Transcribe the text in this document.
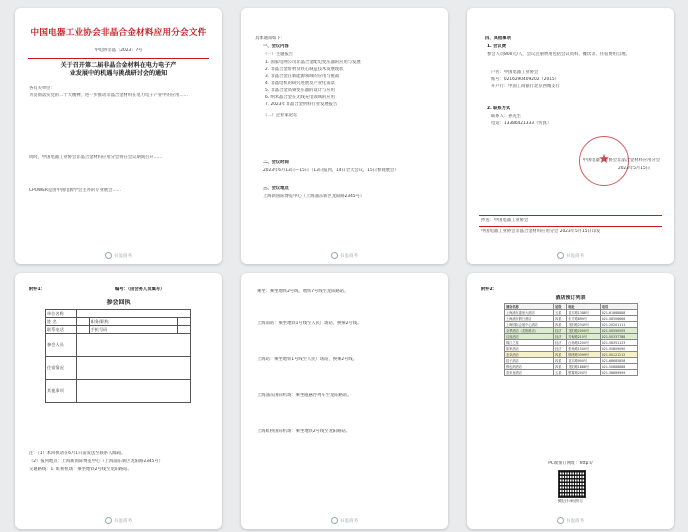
中国电器工业协会非晶合金材料应用分会文件
中电协非晶〔2023〕7号
关于召开第二届非晶合金材料在电力电子产
业发展中的机遇与挑战研讨会的通知
各有关单位：
为贯彻落实党的二十大精神，进一步推动非晶合金材料在电力电子产业中的应用……
同时，中国电器工业协会非晶合金材料应用分会将在会议期间召开……
CPOWER是由中国电源学会主办的专业展会……
书盈商务
具体通知如下：
一、会议内容
（一）主题报告
1. 国家电网公司非晶合金配电变压器的应用与发展
2. 非晶合金带材及铁心制造技术发展现状
3. 非晶合金在新能源领域的应用与挑战
4. 非晶电机的研究进展及产业化前景
5. 非晶合金高频变压器的设计与应用
6. 纳米晶合金在无线充电领域的应用
7. 2023年非晶合金材料行业发展报告
（二）企业家论坛
二、会议时间
2023年6月13日—15日（13日报到，14日全天会议，15日参观展会）
三、会议地点
上海新国际博览中心（上海浦东新区龙阳路2345号）
书盈商务
四、其他事项
1. 会议费
参会人员800元/人，会议注册费用包括会议资料、餐饮等，住宿费用自理。
户名：中国电器工业协会
账号：0216290409202（2015）
开户行：中国工商银行北京西城支行
2. 联系方式
联系人：孙先生
电话：13386421333（传真）
★
中国电器工业协会非晶合金材料应用分会
2023年5月15日
抄送：中国电器工业协会
中国电器工业协会非晶合金材料应用分会 2023年5月15日印发
书盈商务
附件1：	编号：（由会务人员填写）
参会回执
单位名称			
姓 名		职务/职称	
联系电话		手机号码	
参会人员			
住宿情况			
其他事项			
注：（1）本回执请在6月1日前发送至联系人邮箱。
（2）报到地点：上海新国际博览中心（上海浦东新区龙阳路2345号）
交通路线：1. 虹桥机场：乘坐地铁2号线至龙阳路站。
书盈商务
乘坐：乘坐地铁2号线、地铁7号线至龙阳路站。
上海南站：乘坐地铁1号线至人民广场站，换乘2号线。
上海站：乘坐地铁1号线至人民广场站，换乘2号线。
上海浦东国际机场：乘坐磁悬浮列车至龙阳路站。
上海虹桥国际机场：乘坐地铁2号线至龙阳路站。
书盈商务
附件2：
酒店预订列表
酒店名称	星级	地址	电话
上海浦东嘉里大酒店	五星	花木路1388号	021-61888888
上海浦东假日酒店	四星	东方路899号	021-58306666
上海国际会展中心酒店	四星	龙阳路2345号	021-20201111
全季酒店（龙阳路店）	经济	龙阳路2000号	021-50550555
汉庭酒店	经济	芳甸路215号	021-50337788
锦江之星	经济	白杨路1200号	021-58351133
如家酒店	经济	张杨路1500号	021-50809090
亚朵酒店	四星	锦绣路3399号	021-50121212
桔子酒店	四星	花木路900号	021-68685858
维也纳酒店	四星	龙阳路1888号	021-50888888
喜来登酒店	五星	银霄路200号	021-38889999
PC端预订网址：http://
微信扫码预订
书盈商务
